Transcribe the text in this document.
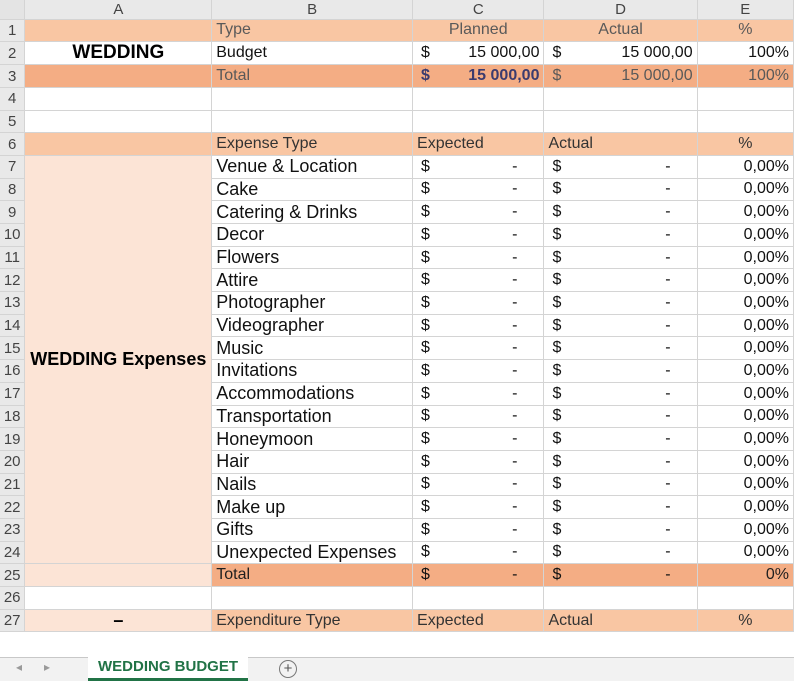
	A	B	C	D	E
1		Type	Planned	Actual	%
2	WEDDING	Budget	$ 15 000,00	$ 15 000,00	100%
3		Total	$ 15 000,00	$ 15 000,00	100%
4					
5					
6		Expense Type	Expected	Actual	%
7	WEDDING Expenses	Venue & Location	$ -	$ -	0,00%
8		Cake	$ -	$ -	0,00%
9		Catering & Drinks	$ -	$ -	0,00%
10		Decor	$ -	$ -	0,00%
11		Flowers	$ -	$ -	0,00%
12		Attire	$ -	$ -	0,00%
13		Photographer	$ -	$ -	0,00%
14		Videographer	$ -	$ -	0,00%
15		Music	$ -	$ -	0,00%
16		Invitations	$ -	$ -	0,00%
17		Accommodations	$ -	$ -	0,00%
18		Transportation	$ -	$ -	0,00%
19		Honeymoon	$ -	$ -	0,00%
20		Hair	$ -	$ -	0,00%
21		Nails	$ -	$ -	0,00%
22		Make up	$ -	$ -	0,00%
23		Gifts	$ -	$ -	0,00%
24		Unexpected Expenses	$ -	$ -	0,00%
25		Total	$ -	$ -	0%
26					
27	–	Expenditure Type	Expected	Actual	%
◂ ▸	WEDDING BUDGET	+
